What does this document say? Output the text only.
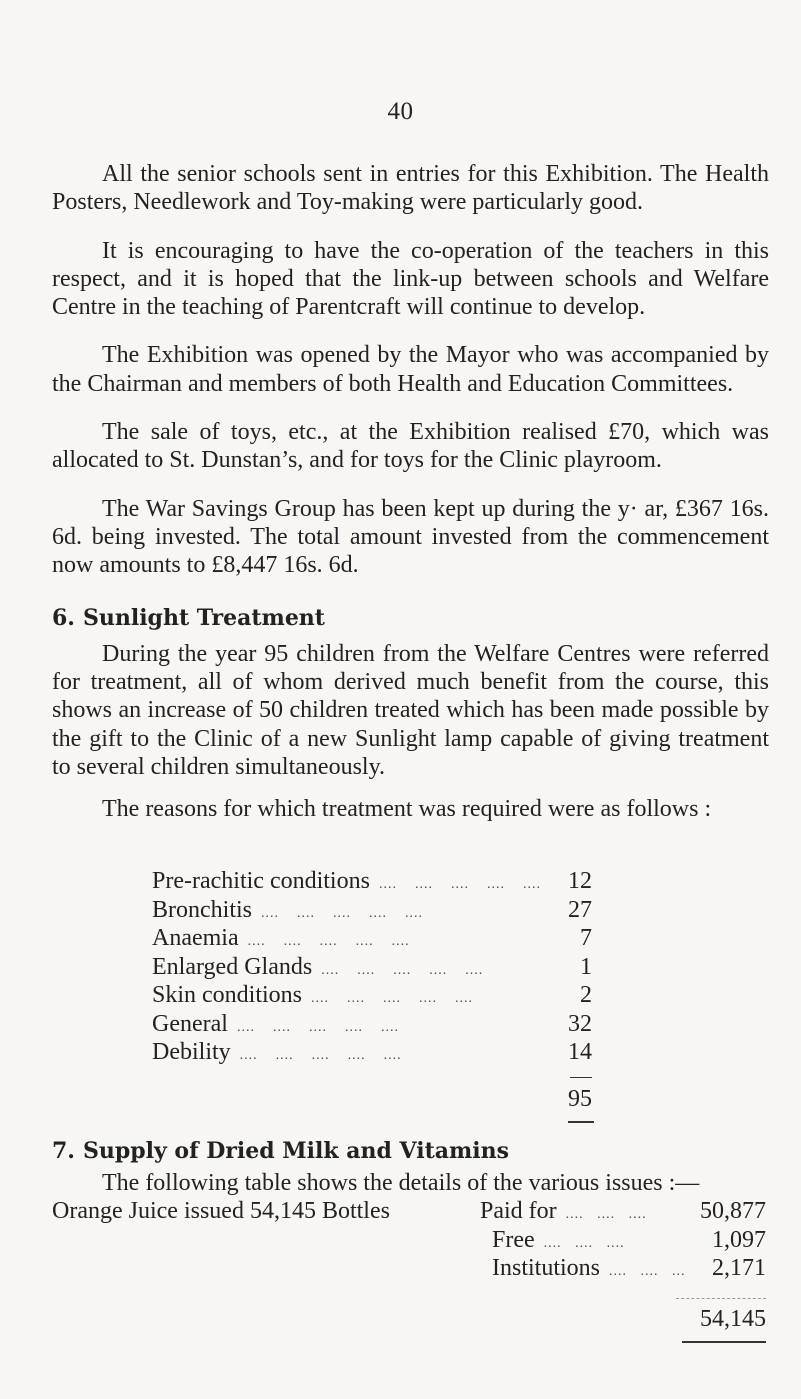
40

All the senior schools sent in entries for this Exhibition. The Health Posters, Needlework and Toy-making were particularly good.

It is encouraging to have the co-operation of the teachers in this respect, and it is hoped that the link-up between schools and Welfare Centre in the teaching of Parentcraft will continue to develop.

The Exhibition was opened by the Mayor who was accompanied by the Chairman and members of both Health and Education Committees.

The sale of toys, etc., at the Exhibition realised £70, which was allocated to St. Dunstan’s, and for toys for the Clinic playroom.

The War Savings Group has been kept up during the y· ar, £367 16s. 6d. being invested. The total amount invested from the commencement now amounts to £8,447 16s. 6d.

6. Sunlight Treatment

During the year 95 children from the Welfare Centres were referred for treatment, all of whom derived much benefit from the course, this shows an increase of 50 children treated which has been made possible by the gift to the Clinic of a new Sunlight lamp capable of giving treatment to several children simultaneously.

The reasons for which treatment was required were as follows :

Pre-rachitic conditions ....	12
Bronchitis ....	27
Anaemia ....	7
Enlarged Glands ....	1
Skin conditions ....	2
General ....	32
Debility ....	14
95
7. Supply of Dried Milk and Vitamins
The following table shows the details of the various issues :—
Orange Juice issued 54,145 Bottles	Paid for ....	50,877
Free ....	1,097
Institutions ....	2,171
54,145
